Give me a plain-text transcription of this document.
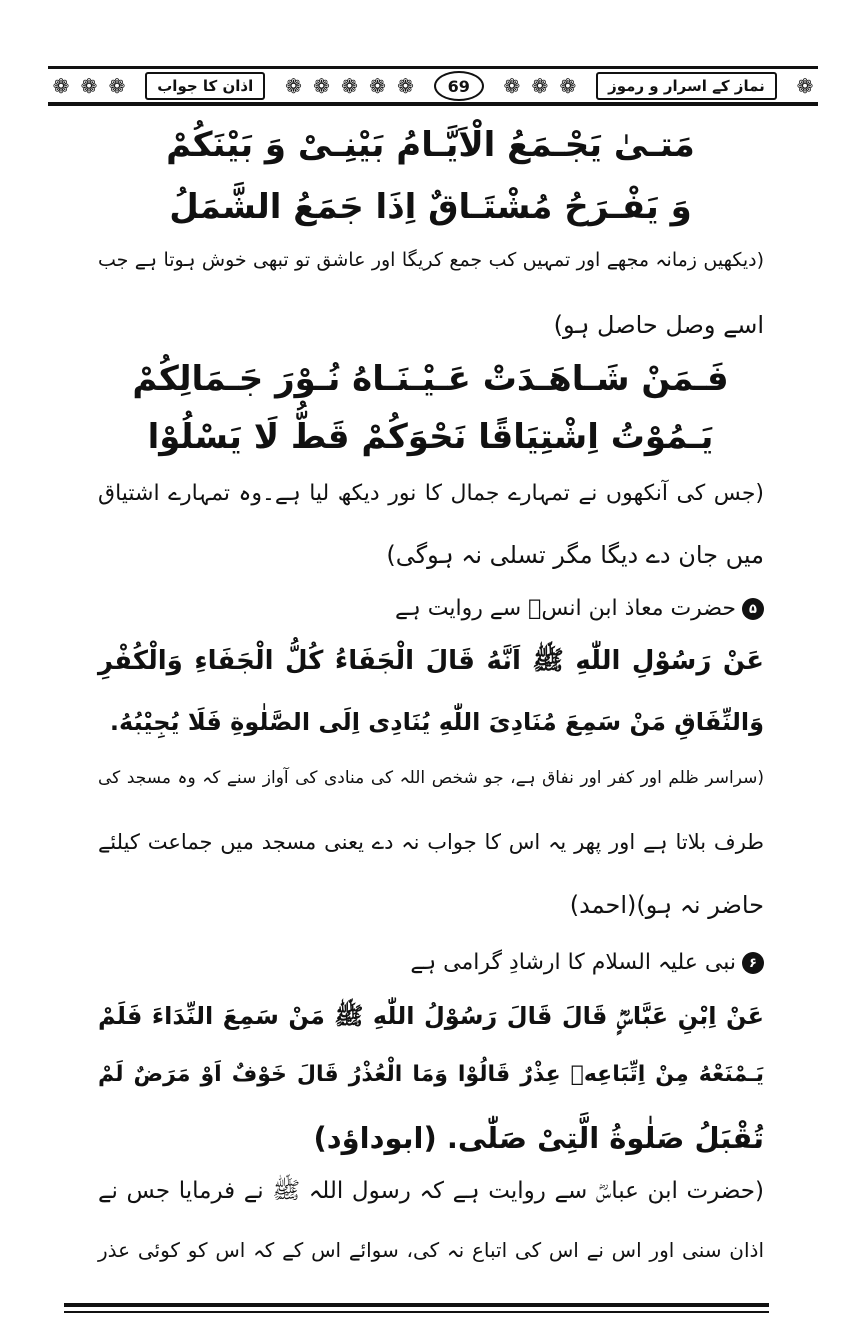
❁
نماز کے اسرار و رموز
❁
❁
❁
69
❁
❁
❁
❁
❁
اذان کا جواب
❁
❁
❁
مَتـىٰ يَجْـمَعُ الْاَيَّـامُ بَيْنِـىْ وَ بَيْنَكُمْ
وَ يَفْـرَحُ مُشْتَـاقٌ اِذَا جَمَعُ الشَّمَلُ
(دیکھیں زمانہ مجھے اور تمہیں کب جمع کریگا اور عاشق تو تبھی خوش ہوتا ہے جب
اسے وصل حاصل ہو)
فَـمَنْ شَـاهَـدَتْ عَـيْـنَـاهُ نُـوْرَ جَـمَالِكُمْ
يَـمُوْتُ اِشْتِيَاقًا نَحْوَكُمْ قَطُّ لَا يَسْلُوْا
(جس کی آنکھوں نے تمہارے جمال کا نور دیکھ لیا ہے۔وہ تمہارے اشتیاق
میں جان دے دیگا مگر تسلی نہ ہوگی)
۵حضرت معاذ ابن انسؓ سے روایت ہے
عَنْ رَسُوْلِ اللّٰهِ ﷺ اَنَّهُ قَالَ الْجَفَاءُ كُلُّ الْجَفَاءِ وَالْكُفْرِ
وَالنِّفَاقِ مَنْ سَمِعَ مُنَادِىَ اللّٰهِ يُنَادِى اِلَى الصَّلٰوةِ فَلَا يُجِيْبُهُ.
(سراسر ظلم اور کفر اور نفاق ہے، جو شخص اللہ کی منادی کی آواز سنے کہ وہ مسجد کی
طرف بلاتا ہے اور پھر یہ اس کا جواب نہ دے یعنی مسجد میں جماعت کیلئے
حاضر نہ ہو)(احمد)
۶نبی علیہ السلام کا ارشادِ گرامی ہے
عَنْ اِبْنِ عَبَّاسٍؓ قَالَ قَالَ رَسُوْلُ اللّٰهِ ﷺ مَنْ سَمِعَ النِّدَاءَ فَلَمْ
يَـمْنَعْهُ مِنْ اِتِّبَاعِهٖ عِذْرٌ قَالُوْا وَمَا الْعُذْرُ قَالَ خَوْفٌ اَوْ مَرَضٌ لَمْ
تُقْبَلُ صَلٰوةُ الَّتِىْ صَلّٰى. (ابوداؤد)
(حضرت ابن عباسؓ سے روایت ہے کہ رسول اللہ ﷺ نے فرمایا جس نے
اذان سنی اور اس نے اس کی اتباع نہ کی، سوائے اس کے کہ اس کو کوئی عذر
